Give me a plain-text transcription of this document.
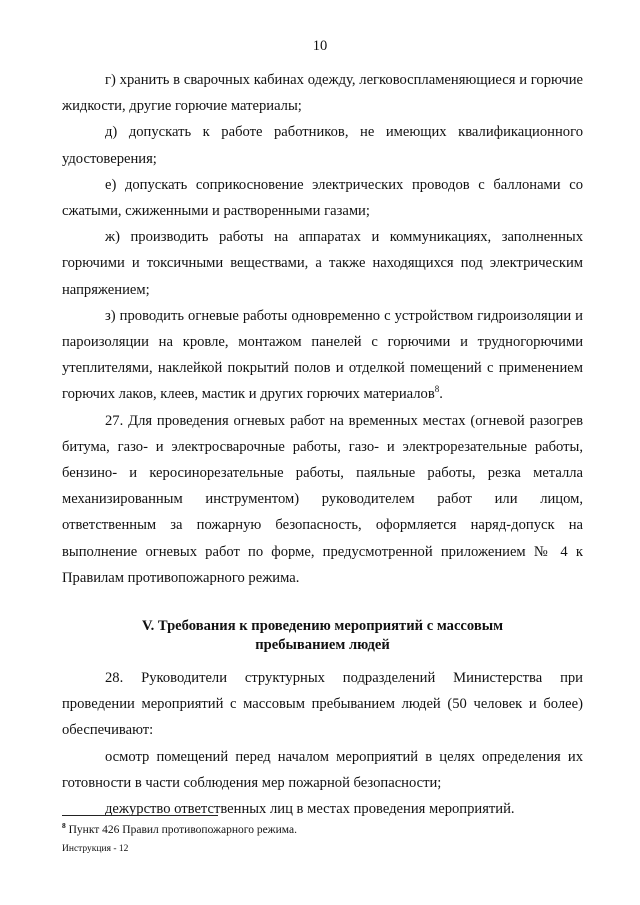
10

г) хранить в сварочных кабинах одежду, легковоспламеняющиеся и горючие жидкости, другие горючие материалы;

д) допускать к работе работников, не имеющих квалификационного удостоверения;

е) допускать соприкосновение электрических проводов с баллонами со сжатыми, сжиженными и растворенными газами;

ж) производить работы на аппаратах и коммуникациях, заполненных горючими и токсичными веществами, а также находящихся под электрическим напряжением;

з) проводить огневые работы одновременно с устройством гидроизоляции и пароизоляции на кровле, монтажом панелей с горючими и трудногорючими утеплителями, наклейкой покрытий полов и отделкой помещений с применением горючих лаков, клеев, мастик и других горючих материалов$^8$.

27. Для проведения огневых работ на временных местах (огневой разогрев битума, газо- и электросварочные работы, газо- и электрорезательные работы, бензино- и керосинорезательные работы, паяльные работы, резка металла механизированным инструментом) руководителем работ или лицом, ответственным за пожарную безопасность, оформляется наряд-допуск на выполнение огневых работ по форме, предусмотренной приложением № 4 к Правилам противопожарного режима.

V. Требования к проведению мероприятий с массовым
пребыванием людей

28. Руководители структурных подразделений Министерства при проведении мероприятий с массовым пребыванием людей (50 человек и более) обеспечивают:

осмотр помещений перед началом мероприятий в целях определения их готовности в части соблюдения мер пожарной безопасности;

дежурство ответственных лиц в местах проведения мероприятий.

$^8$ Пункт 426 Правил противопожарного режима.
Инструкция - 12
